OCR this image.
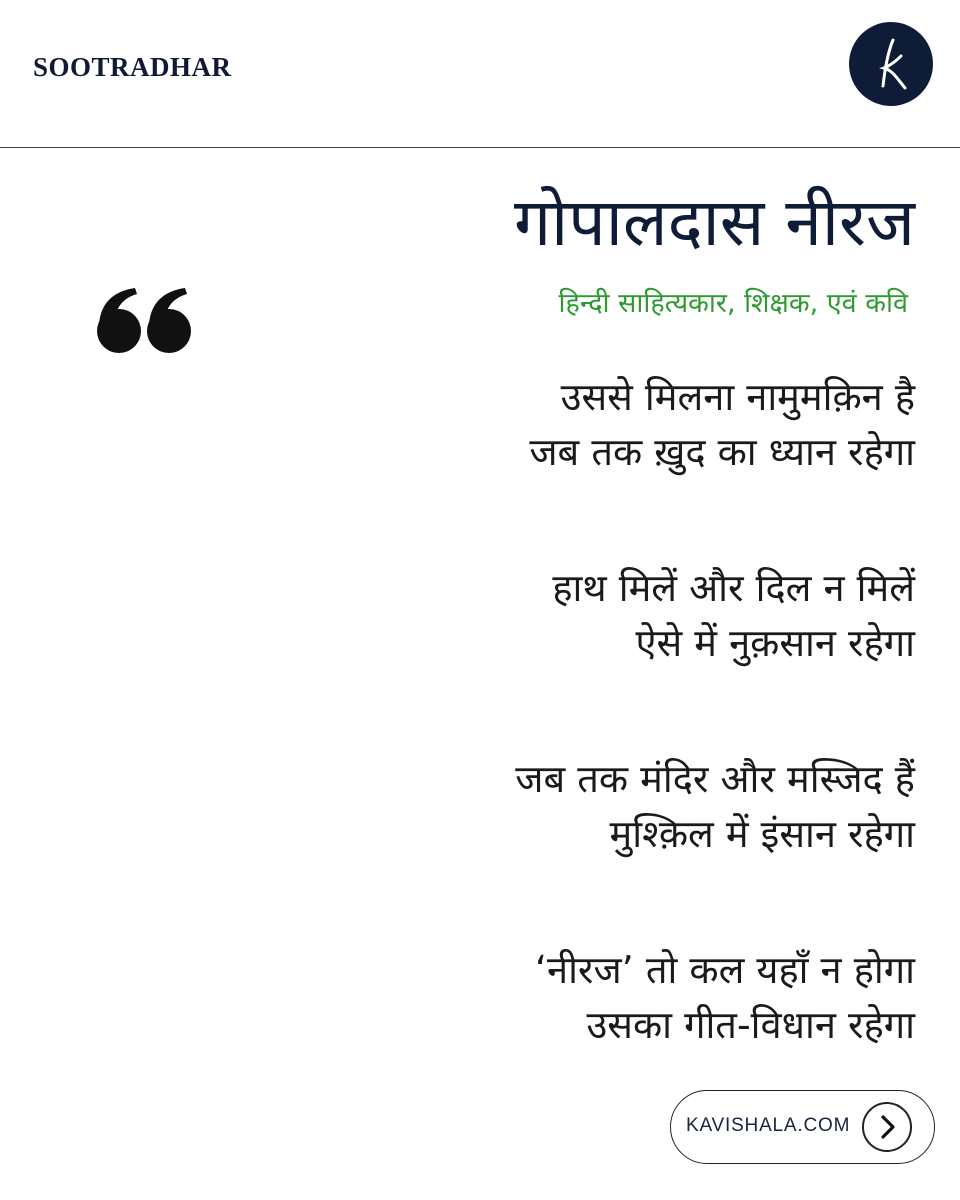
SOOTRADHAR
गोपालदास नीरज
हिन्दी साहित्यकार, शिक्षक, एवं कवि
उससे मिलना नामुमक़िन है
जब तक ख़ुद का ध्यान रहेगा
हाथ मिलें और दिल न मिलें
ऐसे में नुक़सान रहेगा
जब तक मंदिर और मस्जिद हैं
मुश्क़िल में इंसान रहेगा
‘नीरज’ तो कल यहाँ न होगा
उसका गीत-विधान रहेगा
KAVISHALA.COM
